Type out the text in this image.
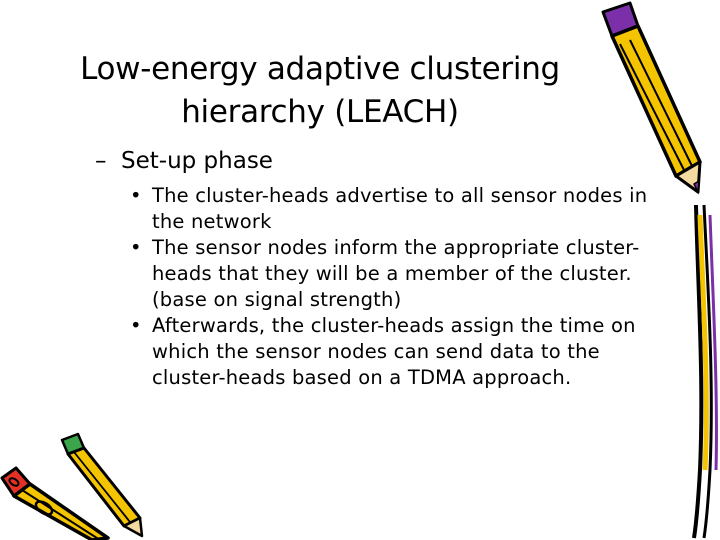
Low-energy adaptive clustering
hierarchy (LEACH)
– Set-up phase
• The cluster-heads advertise to all sensor nodes in the network
• The sensor nodes inform the appropriate cluster-heads that they will be a member of the cluster. (base on signal strength)
• Afterwards, the cluster-heads assign the time on which the sensor nodes can send data to the cluster-heads based on a TDMA approach.
